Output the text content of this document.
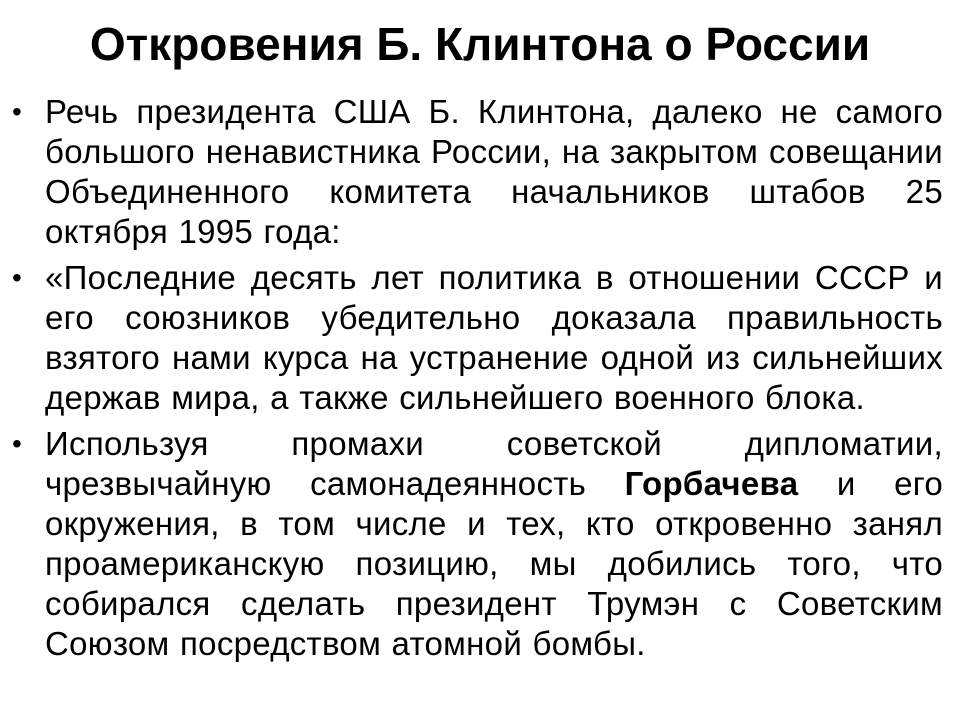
Откровения Б. Клинтона о России
• Речь президента США Б. Клинтона, далеко не самого большого ненавистника России, на закрытом совещании Объединенного комитета начальников штабов 25 октября 1995 года:
• «Последние десять лет политика в отношении СССР и его союзников убедительно доказала правильность взятого нами курса на устранение одной из сильнейших держав мира, а также сильнейшего военного блока.
• Используя промахи советской дипломатии, чрезвычайную самонадеянность Горбачева и его окружения, в том числе и тех, кто откровенно занял проамериканскую позицию, мы добились того, что собирался сделать президент Трумэн с Советским Союзом посредством атомной бомбы.
